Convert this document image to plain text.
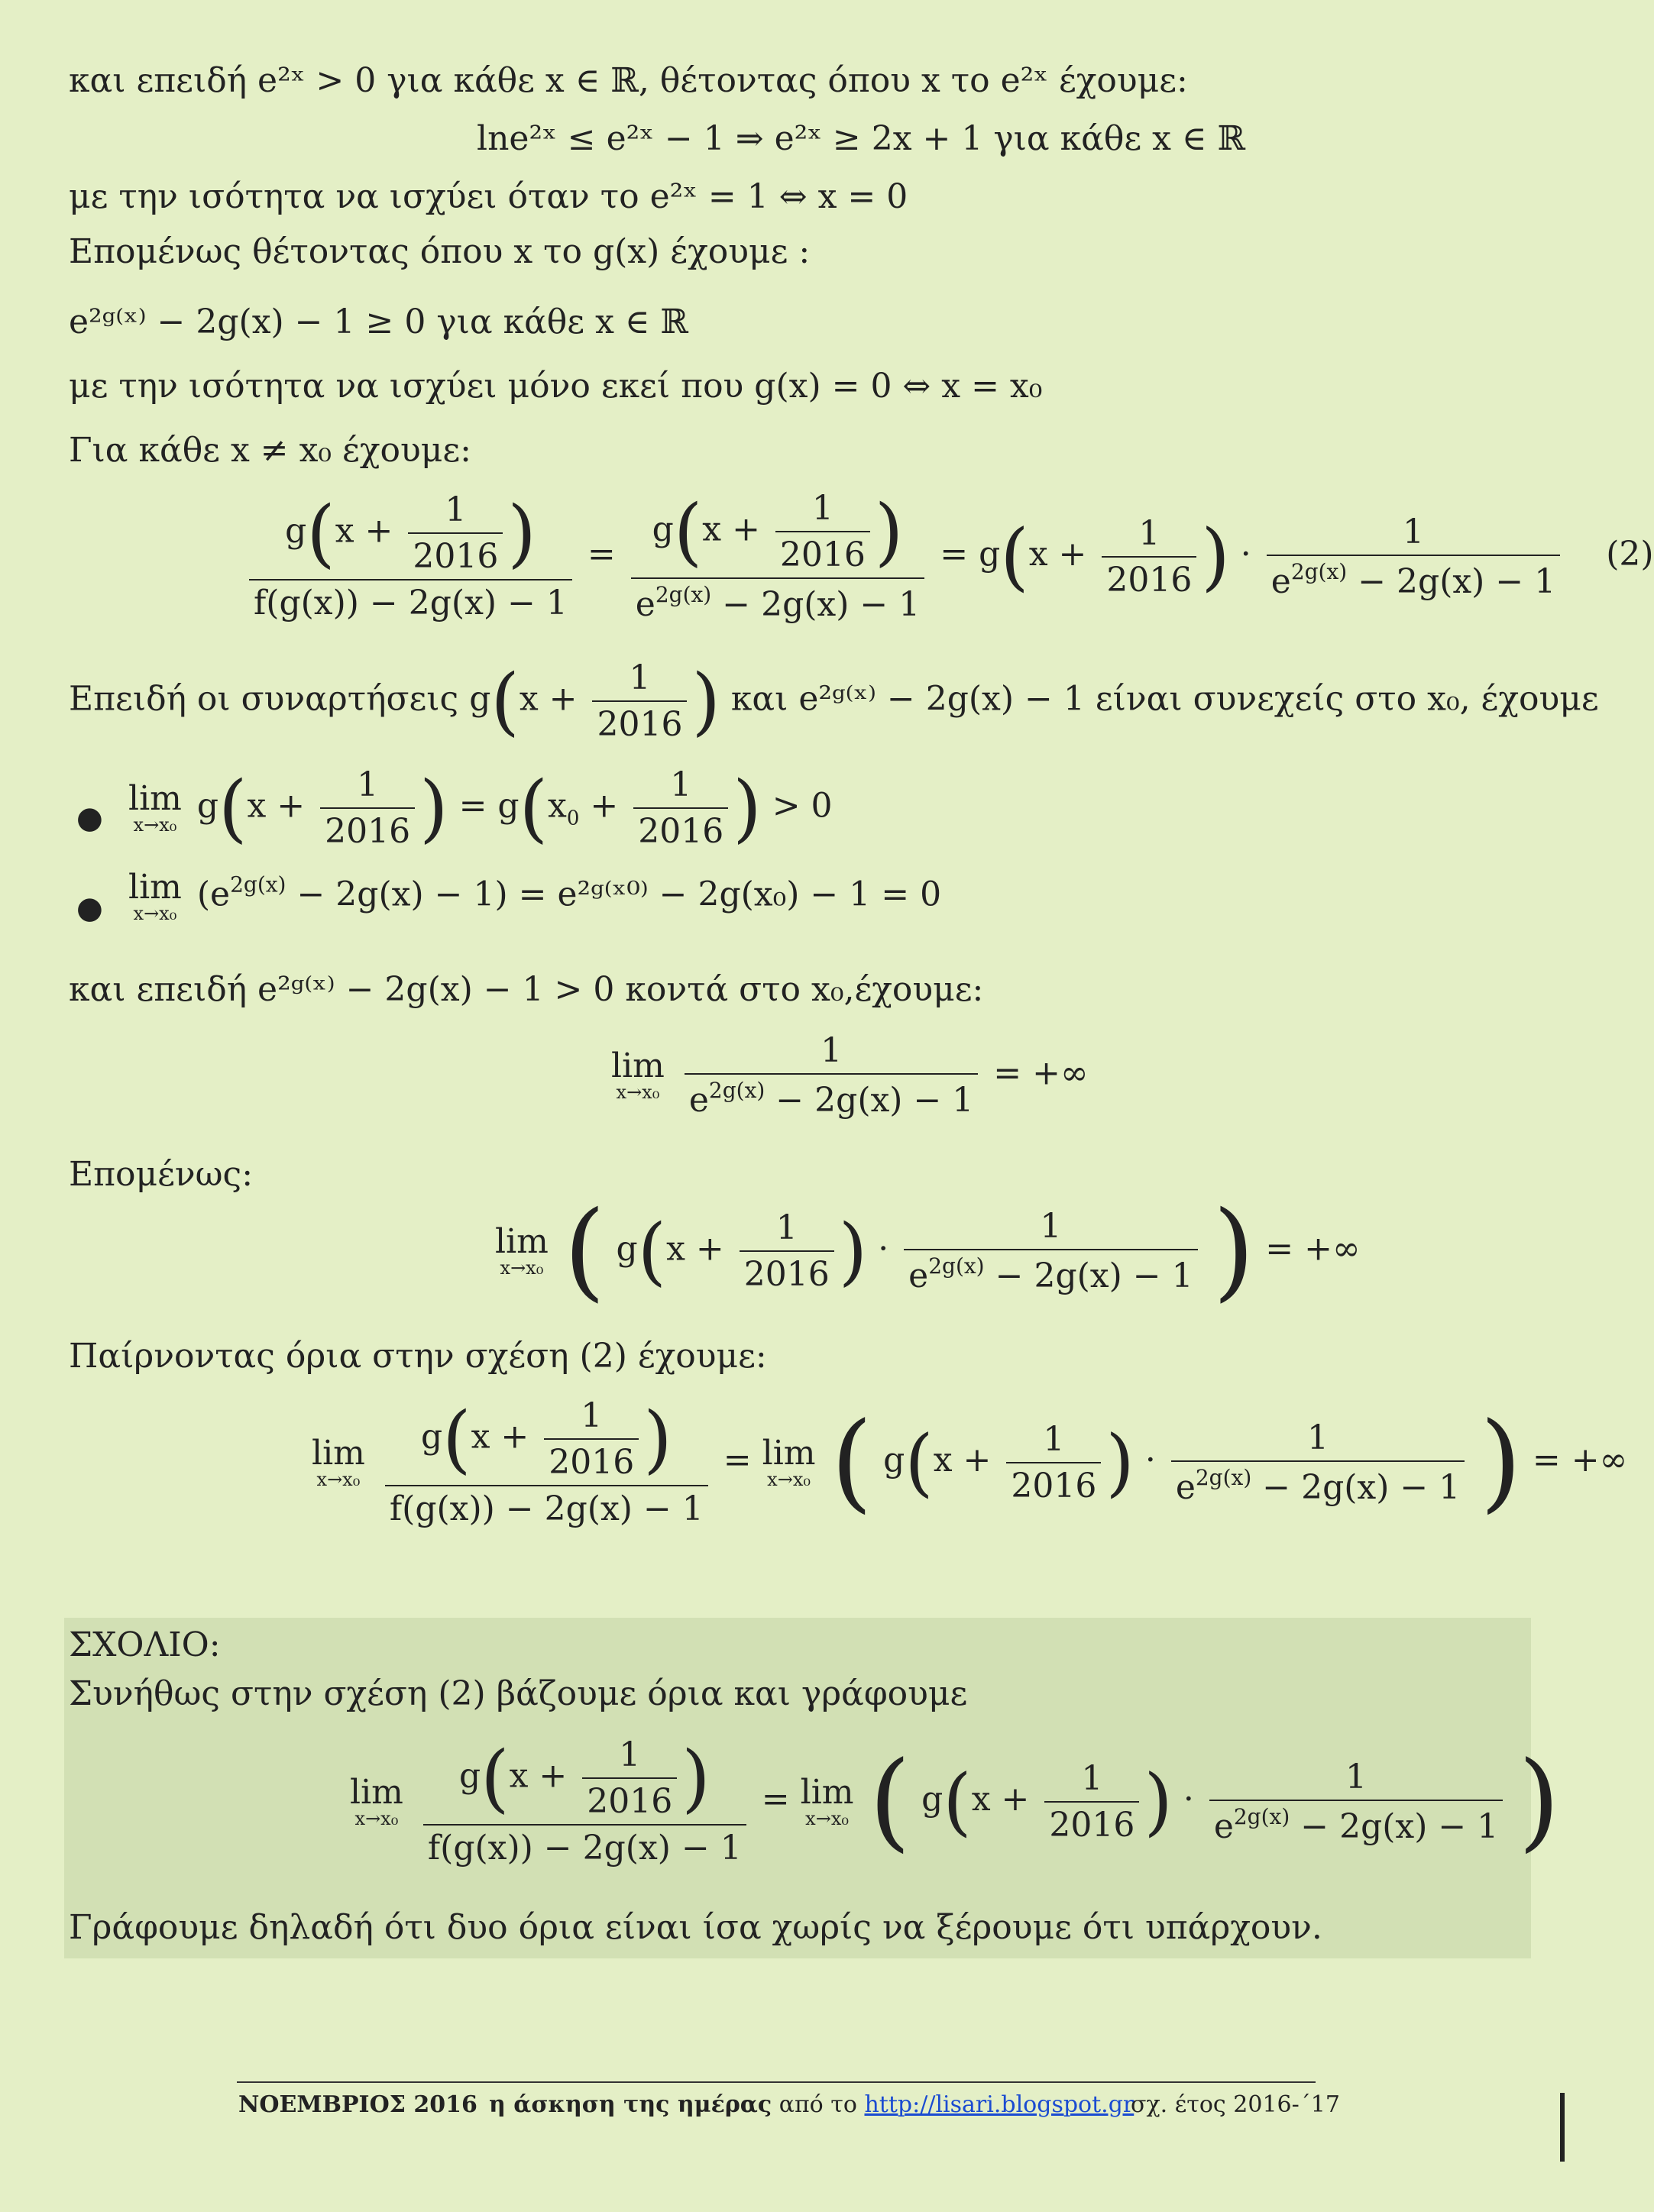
και επειδή e²ˣ > 0 για κάθε x ∈ ℝ, θέτοντας όπου x το e²ˣ έχουμε:
lne²ˣ ≤ e²ˣ − 1 ⇒ e²ˣ ≥ 2x + 1 για κάθε x ∈ ℝ
με την ισότητα να ισχύει όταν το e²ˣ = 1 ⇔ x = 0
Επομένως θέτοντας όπου x το g(x) έχουμε :
e²ᵍ⁽ˣ⁾ − 2g(x) − 1 ≥ 0 για κάθε x ∈ ℝ
με την ισότητα να ισχύει μόνο εκεί που g(x) = 0 ⇔ x = x₀
Για κάθε x ≠ x₀ έχουμε:
$\frac{g(x + \frac{1}{2016} )}{f(g(x)) - 2g(x) - 1} = \frac{g(x + \frac{1}{2016} )}{e^{2g(x)} - 2g(x) - 1} = g(x + \frac{1}{2016}$ ) · $\frac{1}{e^{2g(x)} - 2g(x) - 1} (2)$
Επειδή οι συναρτήσεις $g(x + \frac{1}{2016}$ ) και e²ᵍ⁽ˣ⁾ − 2g(x) − 1 είναι συνεχείς στο x₀, έχουμε
● lim
x→x₀ $g(x + \frac{1}{2016}$ ) = $g(x_0 + \frac{1}{2016}$ ) > 0
●
lim
x→x₀ $(e^{2g(x)} - 2g(x) - 1)$ = e²ᵍ⁽ˣ⁰⁾ − 2g(x₀) − 1 = 0
και επειδή e²ᵍ⁽ˣ⁾ − 2g(x) − 1 > 0 κοντά στο x₀,έχουμε:
lim
x→x₀
$\frac{1}{e^{2g(x)} - 2g(x) - 1}$ = +∞
Επομένως:
lim
x→x₀ ( $g(x + \frac{1}{2016}$ ) · $\frac{1}{e^{2g(x)} - 2g(x) - 1}$ ) = +∞
Παίρνοντας όρια στην σχέση (2) έχουμε:
lim
x→x₀
$\frac{g(x + \frac{1}{2016} )}{f(g(x)) - 2g(x) - 1} = \lim$
x→x₀ ( $g(x + \frac{1}{2016}$ ) · $\frac{1}{e^{2g(x)} - 2g(x) - 1}$ ) = +∞
ΣΧΟΛΙΟ:
Συνήθως στην σχέση (2) βάζουμε όρια και γράφουμε
lim
x→x₀
$\frac{g(x + \frac{1}{2016} )}{f(g(x)) - 2g(x) - 1} = \lim$
x→x₀ ( $g(x + \frac{1}{2016}$ ) · $\frac{1}{e^{2g(x)} - 2g(x) - 1}$ )
Γράφουμε δηλαδή ότι δυο όρια είναι ίσα χωρίς να ξέρουμε ότι υπάρχουν.
ΝΟΕΜΒΡΙΟΣ 2016 η άσκηση της ημέρας από το http://lisari.blogspot.gr
σχ. έτος 2016-΄17
